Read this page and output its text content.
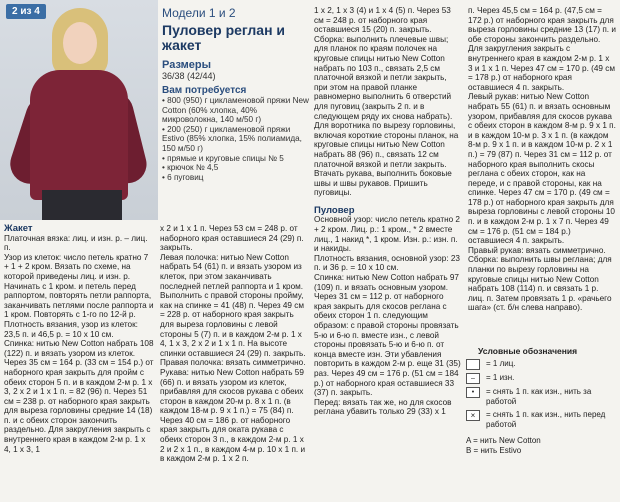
2 из 4	Модели 1 и 2
Пуловер реглан и жакет
Размеры
36/38 (42/44)
Вам потребуется

• 800 (950) г цикламеновой пряжи New Cotton (60% хлопка, 40% микроволокна, 140 м/50 г)

• 200 (250) г цикламеновой пряжи Estivo (85% хлопка, 15% полиамида, 150 м/50 г)

• прямые и круговые спицы № 5

• крючок № 4,5

• 6 пуговиц

Жакет

Платочная вязка: лиц. и изн. р. – лиц. п.

Узор из клеток: число петель кратно 7 + 1 + 2 кром. Вязать по схеме, на которой приведены лиц. и изн. р. Начинать с 1 кром. и петель перед раппортом, повторять петли раппорта, заканчивать петлями после раппорта и 1 кром. Повторять с 1-го по 12-й р.

Плотность вязания, узор из клеток: 23,5 п. и 46,5 р. = 10 х 10 см.

Спинка: нитью New Cotton набрать 108 (122) п. и вязать узором из клеток. Через 35 см = 164 р. (33 см = 154 р.) от наборного края закрыть для пройм с обеих сторон 5 п. и в каждом 2-м р. 1 х 3, 2 х 2 и 1 х 1 п. = 82 (96) п. Через 51 см = 238 р. от наборного края закрыть для выреза горловины средние 14 (18) п. и с обеих сторон закончить раздельно. Для закругления закрыть с внутреннего края в каждом 2-м р. 1 х 4, 1 х 3, 1

х 2 и 1 х 1 п. Через 53 см = 248 р. от наборного края оставшиеся 24 (29) п. закрыть.

Левая полочка: нитью New Cotton набрать 54 (61) п. и вязать узором из клеток, при этом заканчивать последней петлей раппорта и 1 кром. Выполнить с правой стороны пройму, как на спинке = 41 (48) п. Через 49 см = 228 р. от наборного края закрыть для выреза горловины с левой стороны 5 (7) п. и в каждом 2-м р. 1 х 4, 1 х 3, 2 х 2 и 1 х 1 п. На высоте спинки оставшиеся 24 (29) п. закрыть.

Правая полочка: вязать симметрично.

Рукава: нитью New Cotton набрать 59 (66) п. и вязать узором из клеток, прибавляя для скосов рукава с обеих сторон в каждом 20-м р. 8 х 1 п. (в каждом 18-м р. 9 х 1 п.) = 75 (84) п. Через 40 см = 186 р. от наборного края закрыть для оката рукава с обеих сторон 3 п., в каждом 2-м р. 1 х 2 и 2 х 1 п., в каждом 4-м р. 10 х 1 п. и в каждом 2-м р. 1 х 2 п.

1 х 2, 1 х 3 (4) и 1 х 4 (5) п. Через 53 см = 248 р. от наборного края оставшиеся 15 (20) п. закрыть.

Сборка: выполнить плечевые швы; для планок по краям полочек на круговые спицы нитью New Cotton набрать по 103 п., связать 2,5 см платочной вязкой и петли закрыть, при этом на правой планке равномерно выполнить 6 отверстий для пуговиц (закрыть 2 п. и в следующем ряду их снова набрать). Для воротника по вырезу горловины, включая короткие стороны планок, на круговые спицы нитью New Cotton набрать 88 (96) п., связать 12 см платочной вязкой и петли закрыть. Втачать рукава, выполнить боковые швы и швы рукавов. Пришить пуговицы.

Пуловер

Основной узор: число петель кратно 2 + 2 кром. Лиц. р.: 1 кром., * 2 вместе лиц., 1 накид *, 1 кром. Изн. р.: изн. п. и накиды.

Плотность вязания, основной узор: 23 п. и 36 р. = 10 х 10 см.

Спинка: нитью New Cotton набрать 97 (109) п. и вязать основным узором. Через 31 см = 112 р. от наборного края закрыть для скосов реглана с обеих сторон 1 п. следующим образом: с правой стороны провязать 5-ю и 6-ю п. вместе изн., с левой стороны провязать 5-ю и 6-ю п. от конца вместе изн. Эти убавления повторить в каждом 2-м р. еще 31 (35) раз. Через 49 см = 176 р. (51 см = 184 р.) от наборного края оставшиеся 33 (37) п. закрыть.

Перед: вязать так же, но для скосов реглана убавить только 29 (33) х 1

п. Через 45,5 см = 164 р. (47,5 см = 172 р.) от наборного края закрыть для выреза горловины средние 13 (17) п. и обе стороны закончить раздельно. Для закругления закрыть с внутреннего края в каждом 2-м р. 1 х 3 и 1 х 1 п. Через 47 см = 170 р. (49 см = 178 р.) от наборного края оставшиеся 4 п. закрыть.

Левый рукав: нитью New Cotton набрать 55 (61) п. и вязать основным узором, прибавляя для скосов рукава с обеих сторон в каждом 8-м р. 9 х 1 п. и в каждом 10-м р. 3 х 1 п. (в каждом 8-м р. 9 х 1 п. и в каждом 10-м р. 2 х 1 п.) = 79 (87) п. Через 31 см = 112 р. от наборного края выполнить скосы реглана с обеих сторон, как на переде, и с правой стороны, как на спинке. Через 47 см = 170 р. (49 см = 178 р.) от наборного края закрыть для выреза горловины с левой стороны 10 п. и в каждом 2-м р. 1 х 7 п. Через 49 см = 176 р. (51 см = 184 р.) оставшиеся 4 п. закрыть.

Правый рукав: вязать симметрично.

Сборка: выполнить швы реглана; для планки по вырезу горловины на круговые спицы нитью New Cotton набрать 108 (114) п. и связать 1 р. лиц. п. Затем провязать 1 р. «рачьего шага» (ст. б/н слева направо).

Условные обозначения
= 1 лиц.
–	= 1 изн.
•	= снять 1 п. как изн., нить за работой
×	= снять 1 п. как изн., нить перед работой

A = нить New Cotton

B = нить Estivo
